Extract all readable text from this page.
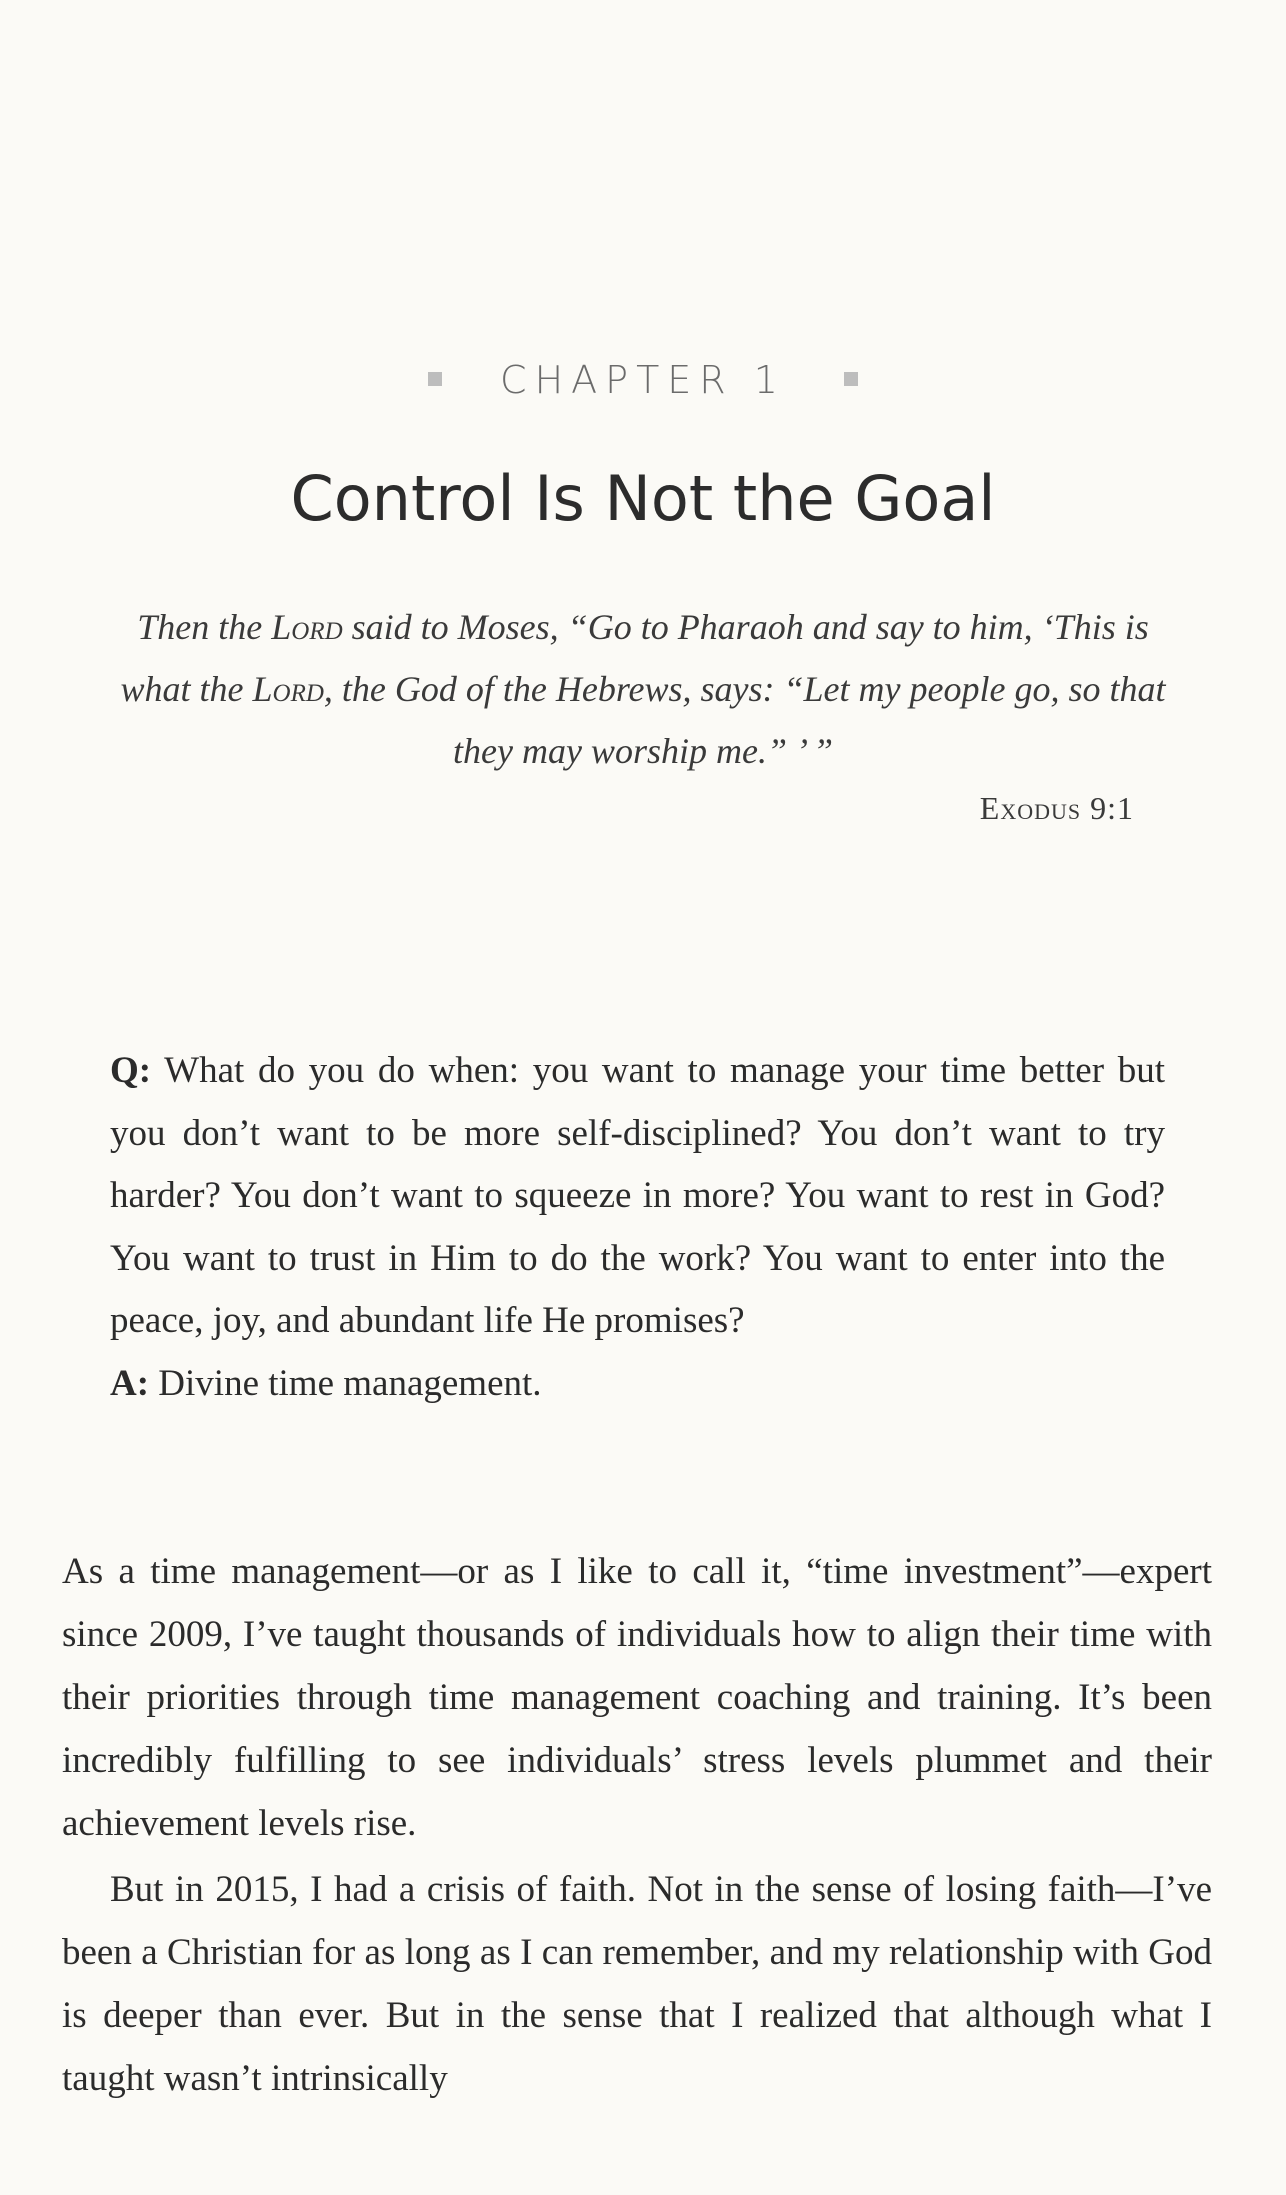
CHAPTER 1
Control Is Not the Goal
Then the Lord said to Moses, “Go to Pharaoh and say to him, ‘This is what the Lord, the God of the Hebrews, says: “Let my people go, so that they may worship me.” ’ ”
Exodus 9:1

Q: What do you do when: you want to manage your time better but you don’t want to be more self-disciplined? You don’t want to try harder? You don’t want to squeeze in more? You want to rest in God? You want to trust in Him to do the work? You want to enter into the peace, joy, and abundant life He promises?

A: Divine time management.

As a time management—or as I like to call it, “time investment”—expert since 2009, I’ve taught thousands of individuals how to align their time with their priorities through time management coaching and training. It’s been incredibly fulfilling to see individuals’ stress levels plummet and their achievement levels rise.

But in 2015, I had a crisis of faith. Not in the sense of losing faith—I’ve been a Christian for as long as I can remember, and my relationship with God is deeper than ever. But in the sense that I realized that although what I taught wasn’t intrinsically
